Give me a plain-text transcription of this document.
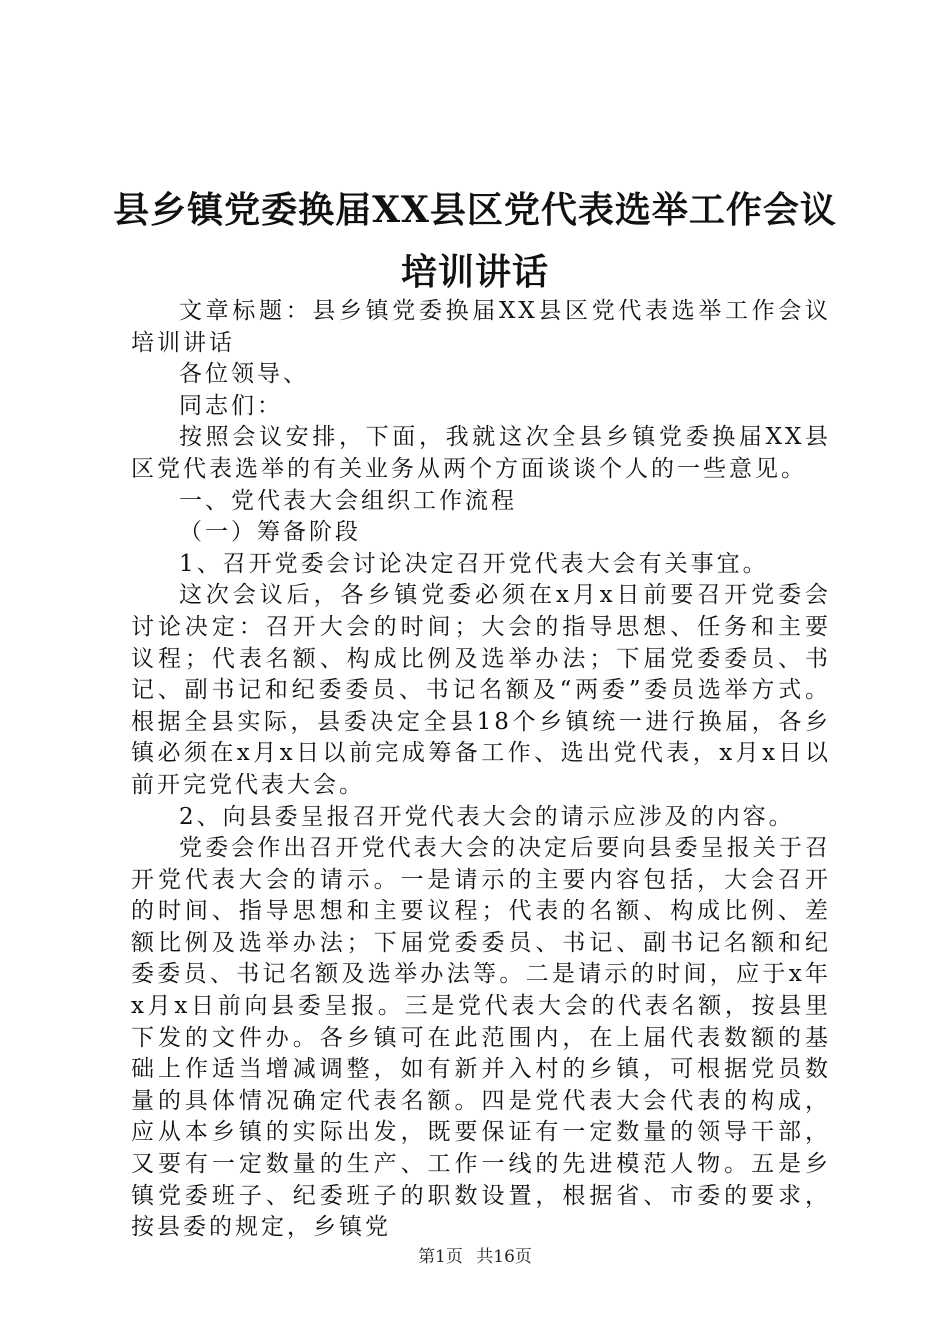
县乡镇党委换届XX县区党代表选举工作会议
培训讲话

文章标题：县乡镇党委换届XX县区党代表选举工作会议培训讲话

各位领导、

同志们：

按照会议安排，下面，我就这次全县乡镇党委换届XX县区党代表选举的有关业务从两个方面谈谈个人的一些意见。

一、党代表大会组织工作流程

（一）筹备阶段

1、召开党委会讨论决定召开党代表大会有关事宜。

这次会议后，各乡镇党委必须在x月x日前要召开党委会讨论决定：召开大会的时间；大会的指导思想、任务和主要议程；代表名额、构成比例及选举办法；下届党委委员、书记、副书记和纪委委员、书记名额及“两委”委员选举方式。根据全县实际，县委决定全县18个乡镇统一进行换届，各乡镇必须在x月x日以前完成筹备工作、选出党代表，x月x日以前开完党代表大会。

2、向县委呈报召开党代表大会的请示应涉及的内容。

党委会作出召开党代表大会的决定后要向县委呈报关于召开党代表大会的请示。一是请示的主要内容包括，大会召开的时间、指导思想和主要议程；代表的名额、构成比例、差额比例及选举办法；下届党委委员、书记、副书记名额和纪委委员、书记名额及选举办法等。二是请示的时间，应于x年x月x日前向县委呈报。三是党代表大会的代表名额，按县里下发的文件办。各乡镇可在此范围内，在上届代表数额的基础上作适当增减调整，如有新并入村的乡镇，可根据党员数量的具体情况确定代表名额。四是党代表大会代表的构成，应从本乡镇的实际出发，既要保证有一定数量的领导干部，又要有一定数量的生产、工作一线的先进模范人物。五是乡镇党委班子、纪委班子的职数设置，根据省、市委的要求，按县委的规定，乡镇党

第1页 共16页
